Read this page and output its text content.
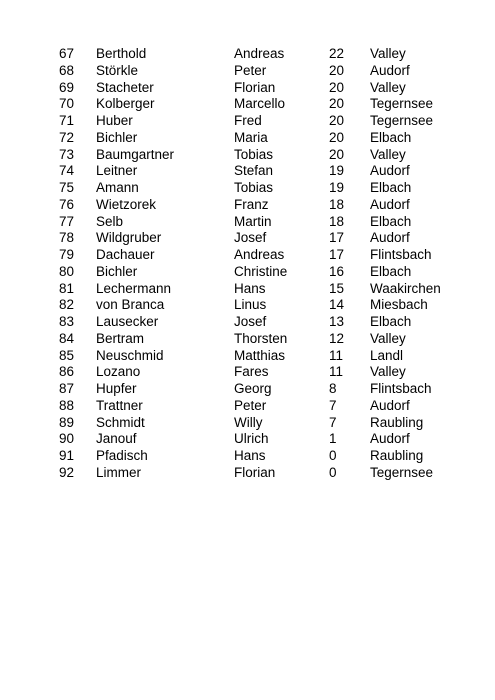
67 Berthold	Andreas	22 Valley
68 Störkle	Peter	20 Audorf
69 Stacheter	Florian	20 Valley
70 Kolberger	Marcello	20 Tegernsee
71 Huber	Fred	20 Tegernsee
72 Bichler	Maria	20 Elbach
73 Baumgartner	Tobias	20 Valley
74 Leitner	Stefan	19 Audorf
75 Amann	Tobias	19 Elbach
76 Wietzorek	Franz	18 Audorf
77 Selb	Martin	18 Elbach
78 Wildgruber	Josef	17 Audorf
79 Dachauer	Andreas	17 Flintsbach
80 Bichler	Christine	16 Elbach
81 Lechermann	Hans	15 Waakirchen
82 von Branca	Linus	14 Miesbach
83 Lausecker	Josef	13 Elbach
84 Bertram	Thorsten	12 Valley
85 Neuschmid	Matthias	11 Landl
86 Lozano	Fares	11 Valley
87 Hupfer	Georg	8 Flintsbach
88 Trattner	Peter	7 Audorf
89 Schmidt	Willy	7 Raubling
90 Janouf	Ulrich	1 Audorf
91 Pfadisch	Hans	0 Raubling
92 Limmer	Florian	0 Tegernsee
